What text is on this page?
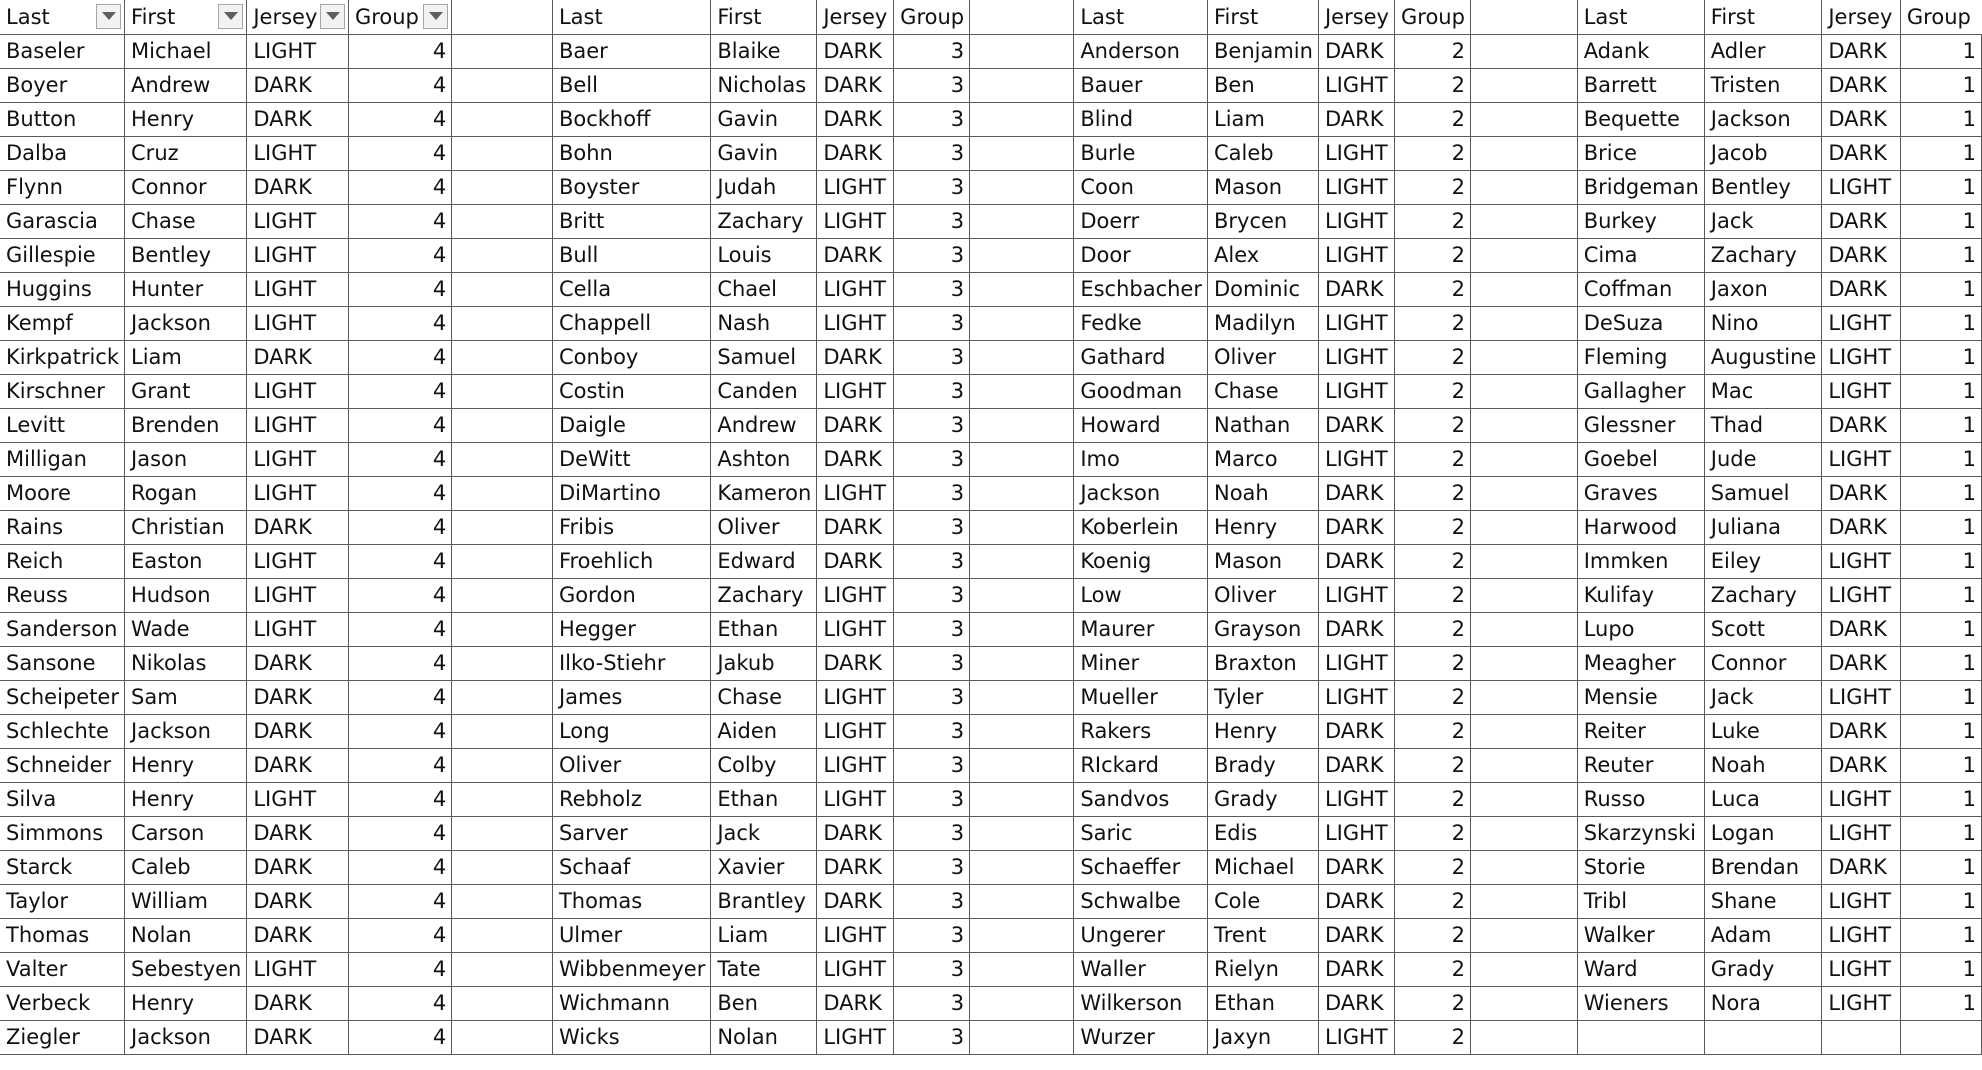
Last	First	Jersey	Group		Last	First	Jersey	Group		Last	First	Jersey	Group		Last	First	Jersey	Group
Baseler	Michael	LIGHT	4		Baer	Blaike	DARK	3		Anderson	Benjamin	DARK	2		Adank	Adler	DARK	1
Boyer	Andrew	DARK	4		Bell	Nicholas	DARK	3		Bauer	Ben	LIGHT	2		Barrett	Tristen	DARK	1
Button	Henry	DARK	4		Bockhoff	Gavin	DARK	3		Blind	Liam	DARK	2		Bequette	Jackson	DARK	1
Dalba	Cruz	LIGHT	4		Bohn	Gavin	DARK	3		Burle	Caleb	LIGHT	2		Brice	Jacob	DARK	1
Flynn	Connor	DARK	4		Boyster	Judah	LIGHT	3		Coon	Mason	LIGHT	2		Bridgeman	Bentley	LIGHT	1
Garascia	Chase	LIGHT	4		Britt	Zachary	LIGHT	3		Doerr	Brycen	LIGHT	2		Burkey	Jack	DARK	1
Gillespie	Bentley	LIGHT	4		Bull	Louis	DARK	3		Door	Alex	LIGHT	2		Cima	Zachary	DARK	1
Huggins	Hunter	LIGHT	4		Cella	Chael	LIGHT	3		Eschbacher	Dominic	DARK	2		Coffman	Jaxon	DARK	1
Kempf	Jackson	LIGHT	4		Chappell	Nash	LIGHT	3		Fedke	Madilyn	LIGHT	2		DeSuza	Nino	LIGHT	1
Kirkpatrick	Liam	DARK	4		Conboy	Samuel	DARK	3		Gathard	Oliver	LIGHT	2		Fleming	Augustine	LIGHT	1
Kirschner	Grant	LIGHT	4		Costin	Canden	LIGHT	3		Goodman	Chase	LIGHT	2		Gallagher	Mac	LIGHT	1
Levitt	Brenden	LIGHT	4		Daigle	Andrew	DARK	3		Howard	Nathan	DARK	2		Glessner	Thad	DARK	1
Milligan	Jason	LIGHT	4		DeWitt	Ashton	DARK	3		Imo	Marco	LIGHT	2		Goebel	Jude	LIGHT	1
Moore	Rogan	LIGHT	4		DiMartino	Kameron	LIGHT	3		Jackson	Noah	DARK	2		Graves	Samuel	DARK	1
Rains	Christian	DARK	4		Fribis	Oliver	DARK	3		Koberlein	Henry	DARK	2		Harwood	Juliana	DARK	1
Reich	Easton	LIGHT	4		Froehlich	Edward	DARK	3		Koenig	Mason	DARK	2		Immken	Eiley	LIGHT	1
Reuss	Hudson	LIGHT	4		Gordon	Zachary	LIGHT	3		Low	Oliver	LIGHT	2		Kulifay	Zachary	LIGHT	1
Sanderson	Wade	LIGHT	4		Hegger	Ethan	LIGHT	3		Maurer	Grayson	DARK	2		Lupo	Scott	DARK	1
Sansone	Nikolas	DARK	4		Ilko-Stiehr	Jakub	DARK	3		Miner	Braxton	LIGHT	2		Meagher	Connor	DARK	1
Scheipeter	Sam	DARK	4		James	Chase	LIGHT	3		Mueller	Tyler	LIGHT	2		Mensie	Jack	LIGHT	1
Schlechte	Jackson	DARK	4		Long	Aiden	LIGHT	3		Rakers	Henry	DARK	2		Reiter	Luke	DARK	1
Schneider	Henry	DARK	4		Oliver	Colby	LIGHT	3		RIckard	Brady	DARK	2		Reuter	Noah	DARK	1
Silva	Henry	LIGHT	4		Rebholz	Ethan	LIGHT	3		Sandvos	Grady	LIGHT	2		Russo	Luca	LIGHT	1
Simmons	Carson	DARK	4		Sarver	Jack	DARK	3		Saric	Edis	LIGHT	2		Skarzynski	Logan	LIGHT	1
Starck	Caleb	DARK	4		Schaaf	Xavier	DARK	3		Schaeffer	Michael	DARK	2		Storie	Brendan	DARK	1
Taylor	William	DARK	4		Thomas	Brantley	DARK	3		Schwalbe	Cole	DARK	2		Tribl	Shane	LIGHT	1
Thomas	Nolan	DARK	4		Ulmer	Liam	LIGHT	3		Ungerer	Trent	DARK	2		Walker	Adam	LIGHT	1
Valter	Sebestyen	LIGHT	4		Wibbenmeyer	Tate	LIGHT	3		Waller	Rielyn	DARK	2		Ward	Grady	LIGHT	1
Verbeck	Henry	DARK	4		Wichmann	Ben	DARK	3		Wilkerson	Ethan	DARK	2		Wieners	Nora	LIGHT	1
Ziegler	Jackson	DARK	4		Wicks	Nolan	LIGHT	3		Wurzer	Jaxyn	LIGHT	2					
